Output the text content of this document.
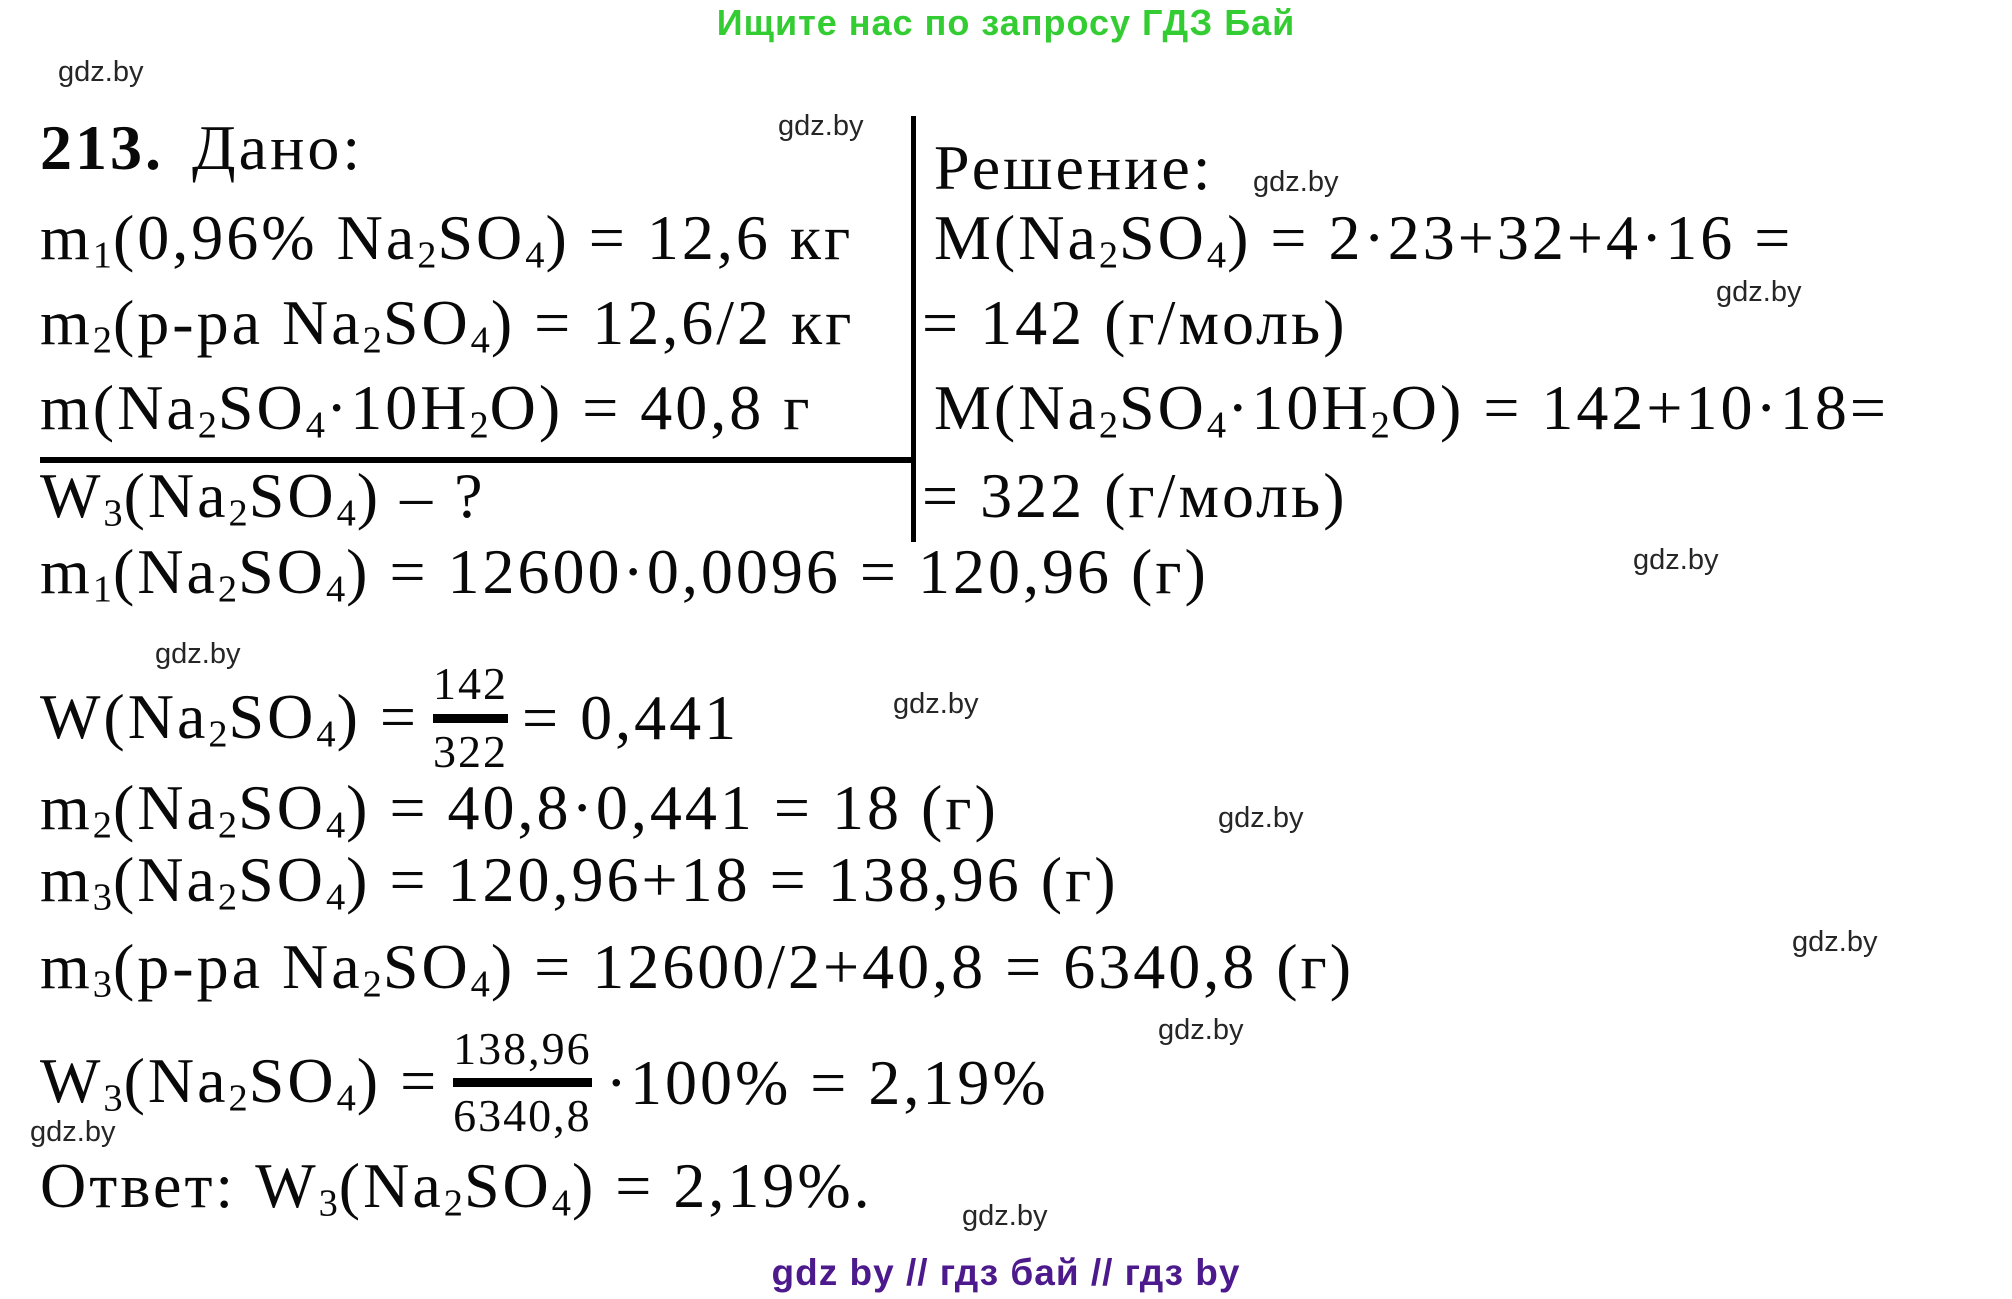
Ищите нас по запросу ГДЗ Бай
gdz.by
gdz.by
gdz.by
gdz.by
gdz.by
gdz.by
gdz.by
gdz.by
gdz.by
gdz.by
gdz.by
gdz.by
213. Дано:	Решение:
$m_1(0,96\%$ $Na_2SO_4) = 12,6$ кг $M(Na_2SO_4) = 2\cdot 23+32+4\cdot 16$ =
$m_2(р-ра$ $Na_2SO_4) = 12,6/2$ кг = 142 (г/моль)
$m(Na_2SO_4\cdot 10H_2O) = 40,8$ г $M(Na_2SO_4\cdot 10H_2O) = 142+10\cdot 18=$
$W_3(Na_2SO_4)$ – ?	= 322 (г/моль)
$m_1(Na_2SO_4) = 12600\cdot 0,0096 = 120,96$ (г)
$W(Na_2SO_4) = 142$
322 = 0,441
$m_2(Na_2SO_4) = 40,8\cdot 0,441 = 18$ (г)
$m_3(Na_2SO_4) = 120,96+18 = 138,96$ (г)
$m_3(р-ра$ $Na_2SO_4) = 12600/2+40,8 = 6340,8$ (г)
$W_3(Na_2SO_4) = 138,96$
6340,8 ·100% = 2,19%
Ответ: $W_3(Na_2SO_4) = 2,19\%$.
gdz by // гдз бай // гдз by
